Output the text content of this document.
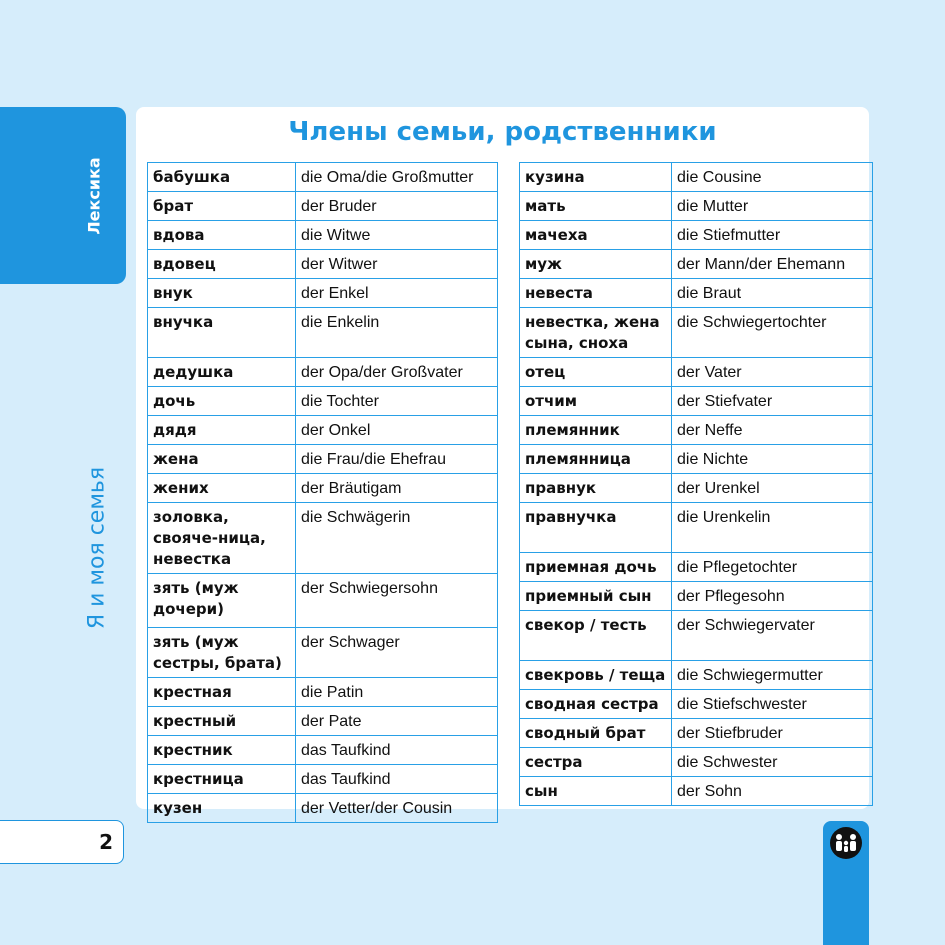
Лексика
Я и моя семья
2
Члены семьи, родственники
бабушка	die Oma/die Großmutter
брат	der Bruder
вдова	die Witwe
вдовец	der Witwer
внук	der Enkel
внучка	die Enkelin
дедушка	der Opa/der Großvater
дочь	die Tochter
дядя	der Onkel
жена	die Frau/die Ehefrau
жених	der Bräutigam
золовка, свояче-ница, невестка	die Schwägerin
зять (муж дочери)	der Schwiegersohn
зять (муж сестры, брата)	der Schwager
крестная	die Patin
крестный	der Pate
крестник	das Taufkind
крестница	das Taufkind
кузен	der Vetter/der Cousin
кузина	die Cousine
мать	die Mutter
мачеха	die Stiefmutter
муж	der Mann/der Ehemann
невеста	die Braut
невестка, жена сына, сноха	die Schwiegertochter
отец	der Vater
отчим	der Stiefvater
племянник	der Neffe
племянница	die Nichte
правнук	der Urenkel
правнучка	die Urenkelin
приемная дочь	die Pflegetochter
приемный сын	der Pflegesohn
свекор / тесть	der Schwiegervater
свекровь / теща	die Schwiegermutter
сводная сестра	die Stiefschwester
сводный брат	der Stiefbruder
сестра	die Schwester
сын	der Sohn
